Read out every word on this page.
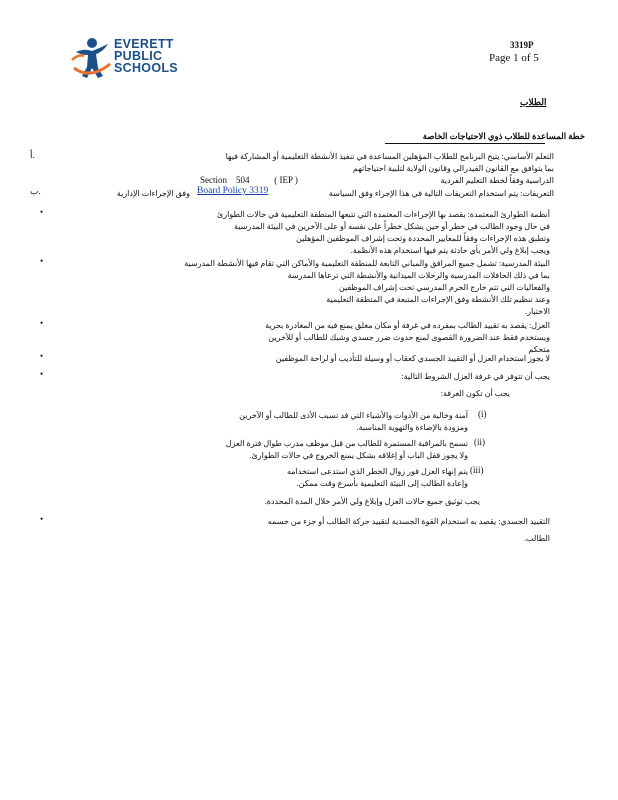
EVERETT
PUBLIC
SCHOOLS
3319P
Page 1 of 5
الطلاب
خطة المساعدة للطلاب ذوي الاحتياجات الخاصة
أ.	التعلم الأساسي: يتيح البرنامج للطلاب المؤهلين المساعدة في تنفيذ الأنشطة التعليمية أو المشاركة فيها
بما يتوافق مع القانون الفيدرالي وقانون الولاية لتلبية احتياجاتهم
الدراسية وفقاً لخطة التعليم الفردية
Section 504	( IEP )
ب.	التعريفات: يتم استخدام التعريفات التالية في هذا الإجراء وفق السياسة
Board Policy 3319
وفق الإجراءات الإدارية
•	أنظمة الطوارئ المعتمدة: يقصد بها الإجراءات المعتمدة التي تتبعها المنطقة التعليمية في حالات الطوارئ
في حال وجود الطالب في خطر أو حين يشكل خطراً على نفسه أو على الآخرين في البيئة المدرسية
وتطبق هذه الإجراءات وفقاً للمعايير المحددة وتحت إشراف الموظفين المؤهلين
ويجب إبلاغ ولي الأمر بأي حادثة يتم فيها استخدام هذه الأنظمة.
•	البيئة المدرسية: تشمل جميع المرافق والمباني التابعة للمنطقة التعليمية والأماكن التي تقام فيها الأنشطة المدرسية
بما في ذلك الحافلات المدرسية والرحلات الميدانية والأنشطة التي ترعاها المدرسة
والفعاليات التي تتم خارج الحرم المدرسي تحت إشراف الموظفين
وعند تنظيم تلك الأنشطة وفق الإجراءات المتبعة في المنطقة التعليمية
الاختبار.
•	العزل: يقصد به تقييد الطالب بمفرده في غرفة أو مكان مغلق يمنع فيه من المغادرة بحرية
ويستخدم فقط عند الضرورة القصوى لمنع حدوث ضرر جسدي وشيك للطالب أو للآخرين
متحكم
•	لا يجوز استخدام العزل أو التقييد الجسدي كعقاب أو وسيلة للتأديب أو لراحة الموظفين
•	يجب أن تتوفر في غرفة العزل الشروط التالية:
يجب أن تكون الغرفة:
(i)
آمنة وخالية من الأدوات والأشياء التي قد تسبب الأذى للطالب أو الآخرين
ومزودة بالإضاءة والتهوية المناسبة.
(ii)
تسمح بالمراقبة المستمرة للطالب من قبل موظف مدرب طوال فترة العزل
ولا يجوز قفل الباب أو إغلاقه بشكل يمنع الخروج في حالات الطوارئ.
(iii)
يتم إنهاء العزل فور زوال الخطر الذي استدعى استخدامه
وإعادة الطالب إلى البيئة التعليمية بأسرع وقت ممكن.
يجب توثيق جميع حالات العزل وإبلاغ ولي الأمر خلال المدة المحددة.
•	التقييد الجسدي: يقصد به استخدام القوة الجسدية لتقييد حركة الطالب أو جزء من جسمه
الطالب.
